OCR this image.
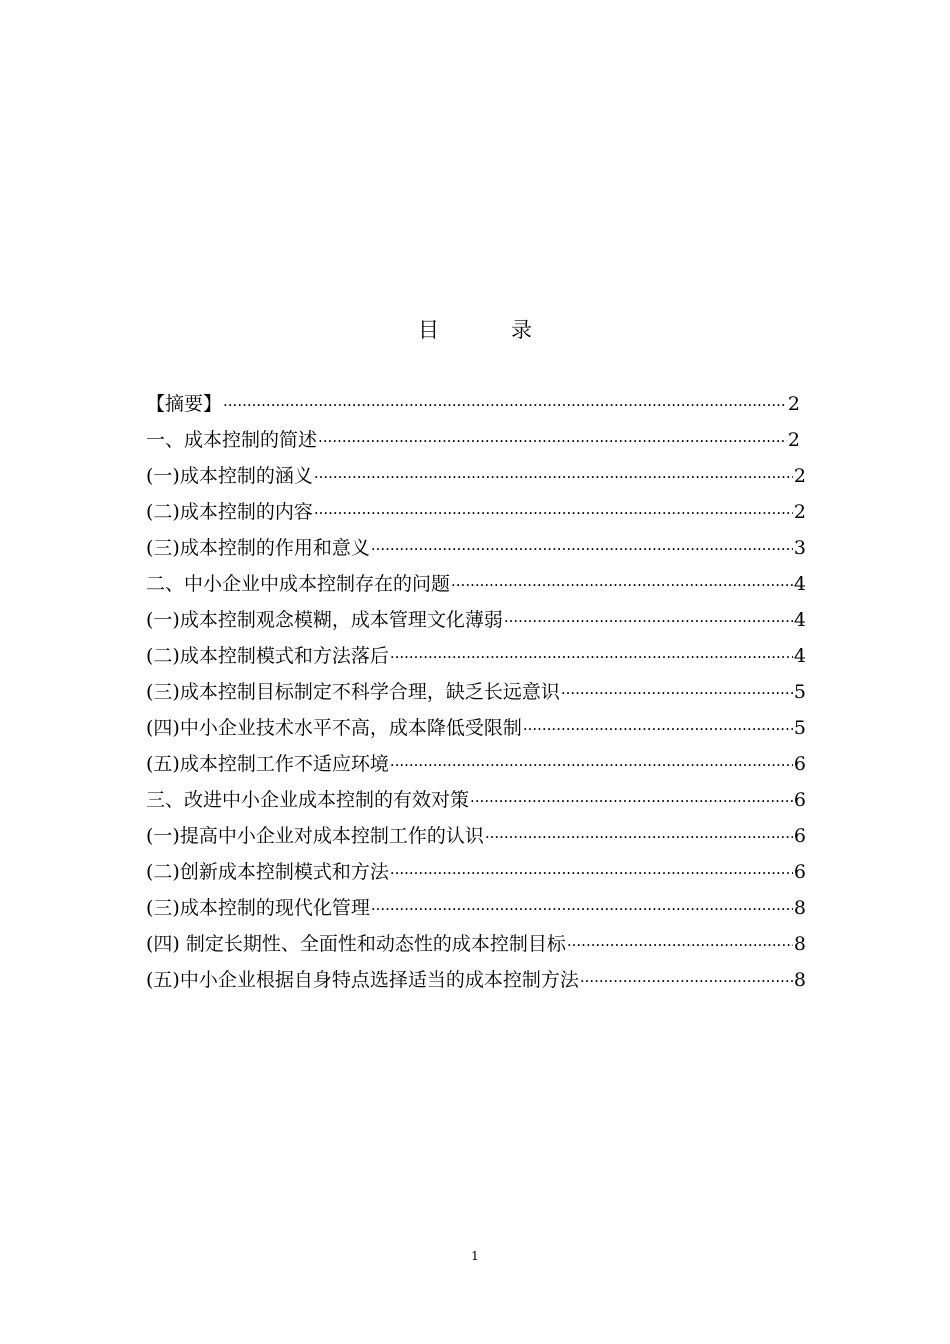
目	录
【摘要】 ·····	2
一、成本控制的简述 ·····	2
(一)成本控制的涵义 ·····	2
(二)成本控制的内容 ·····	2
(三)成本控制的作用和意义 ·····	3
二、中小企业中成本控制存在的问题 ·····	4
(一)成本控制观念模糊，成本管理文化薄弱 ·····	4
(二)成本控制模式和方法落后 ·····	4
(三)成本控制目标制定不科学合理，缺乏长远意识 ·····	5
(四)中小企业技术水平不高，成本降低受限制 ·····	5
(五)成本控制工作不适应环境 ·····	6
三、改进中小企业成本控制的有效对策 ·····	6
(一)提高中小企业对成本控制工作的认识 ·····	6
(二)创新成本控制模式和方法 ·····	6
(三)成本控制的现代化管理 ·····	8
(四) 制定长期性、全面性和动态性的成本控制目标 ·····	8
(五)中小企业根据自身特点选择适当的成本控制方法 ·····	8
1
